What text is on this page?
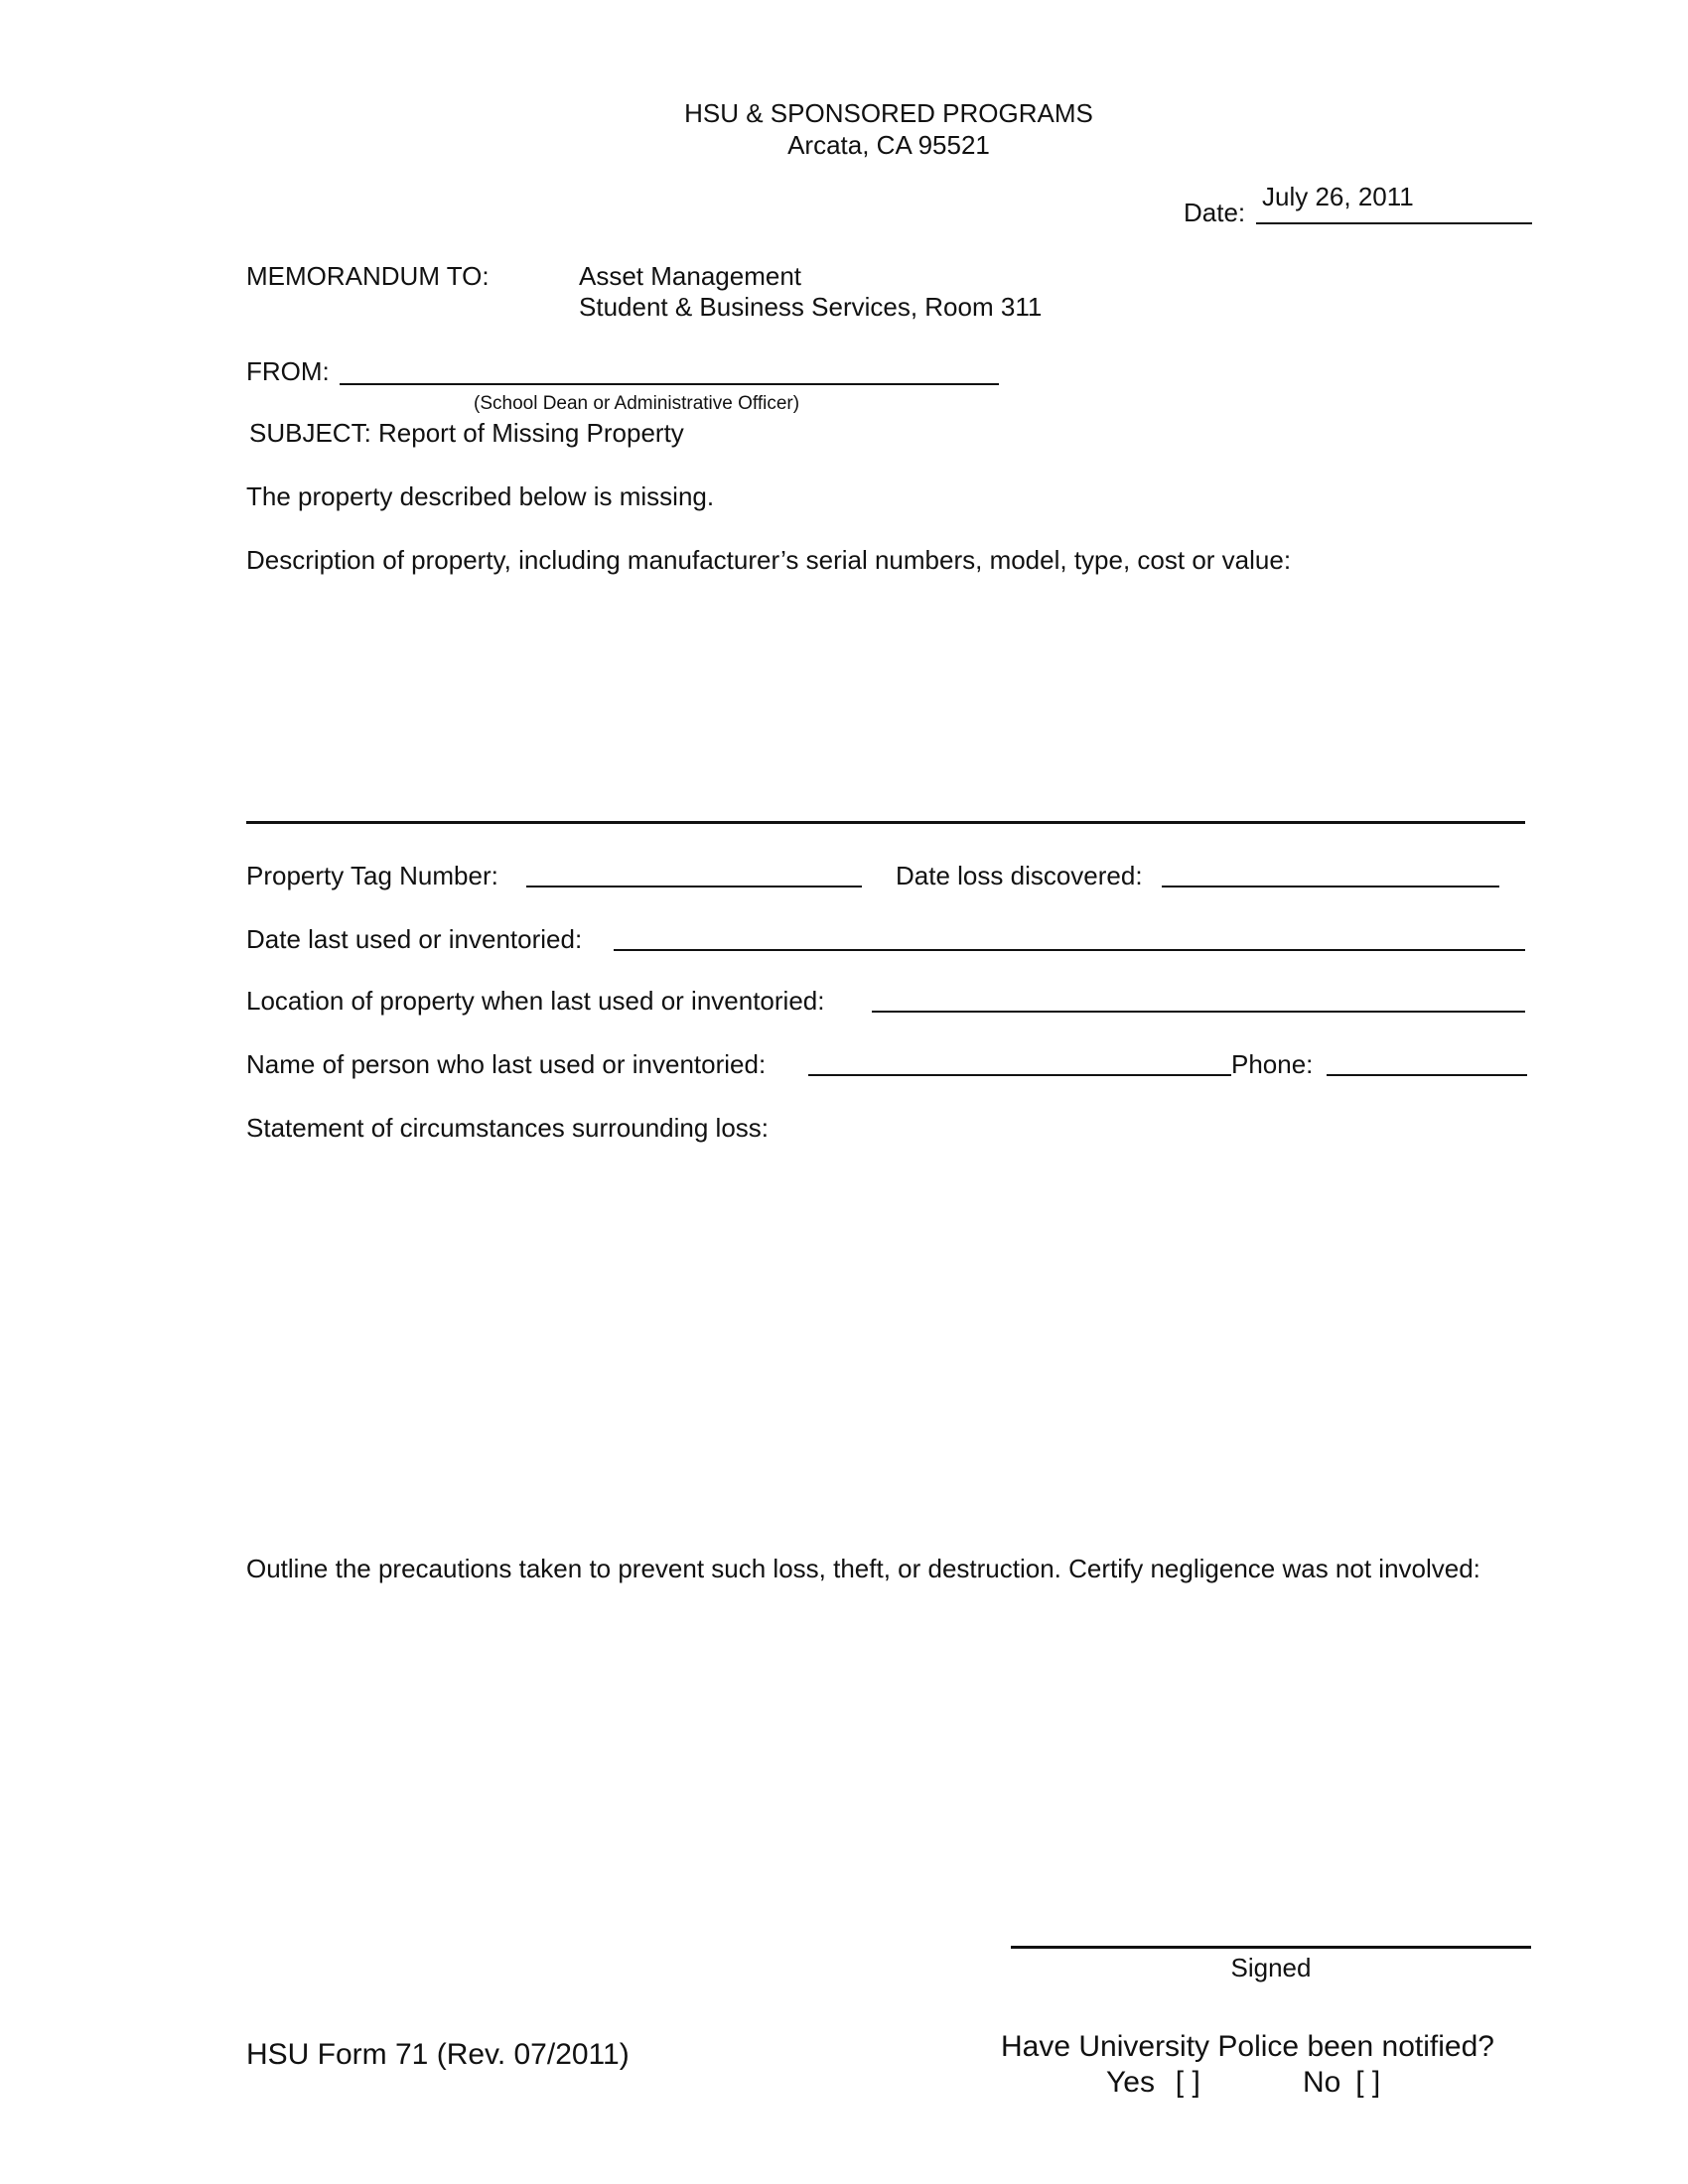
HSU & SPONSORED PROGRAMS
Arcata, CA 95521
Date:
July 26, 2011
MEMORANDUM TO:	Asset Management
Student & Business Services, Room 311
FROM:
(School Dean or Administrative Officer)
SUBJECT: Report of Missing Property
The property described below is missing.
Description of property, including manufacturer’s serial numbers, model, type, cost or value:
Property Tag Number:	Date loss discovered:
Date last used or inventoried:
Location of property when last used or inventoried:
Name of person who last used or inventoried:	Phone:
Statement of circumstances surrounding loss:
Outline the precautions taken to prevent such loss, theft, or destruction. Certify negligence was not involved:
Signed
HSU Form 71 (Rev. 07/2011)	Have University Police been notified?
Yes [ ]	No [ ]
